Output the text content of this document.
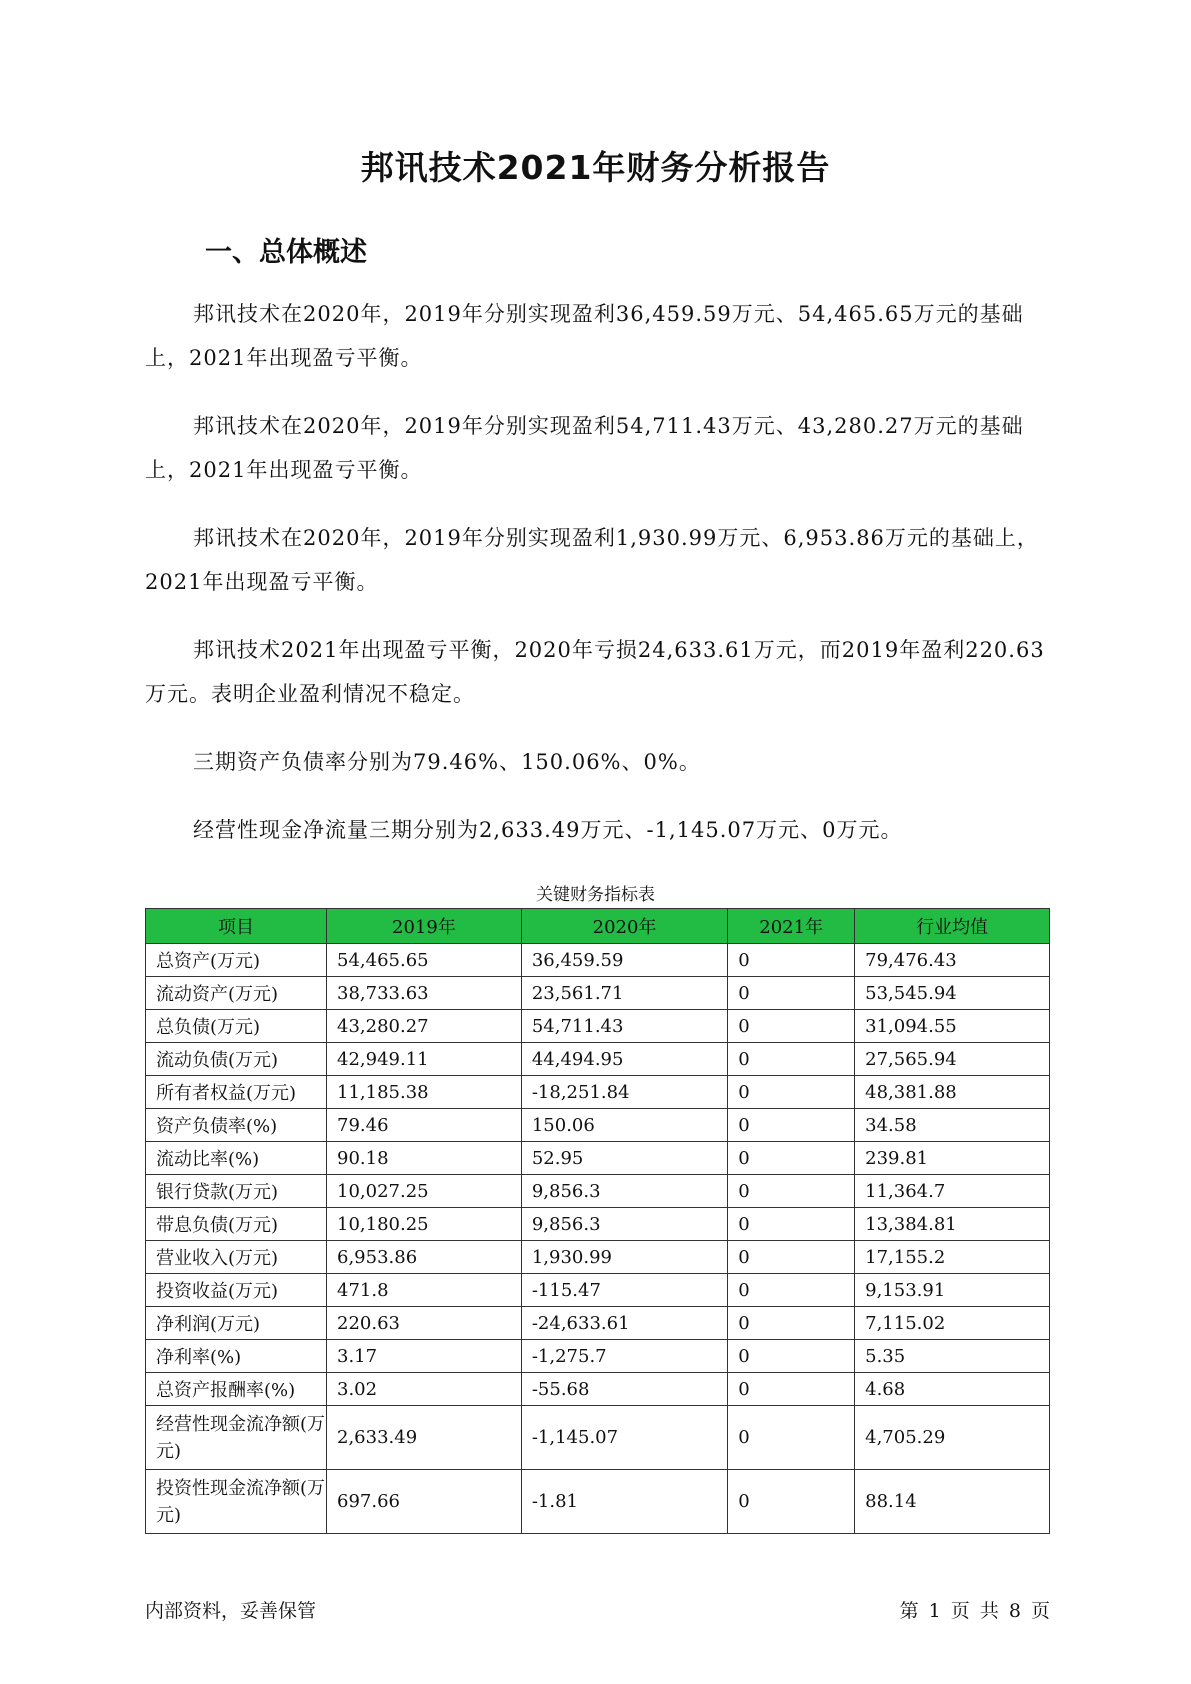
邦讯技术2021年财务分析报告
一、总体概述
邦讯技术在2020年，2019年分别实现盈利36,459.59万元、54,465.65万元的基础上，2021年出现盈亏平衡。
邦讯技术在2020年，2019年分别实现盈利54,711.43万元、43,280.27万元的基础上，2021年出现盈亏平衡。
邦讯技术在2020年，2019年分别实现盈利1,930.99万元、6,953.86万元的基础上，2021年出现盈亏平衡。
邦讯技术2021年出现盈亏平衡，2020年亏损24,633.61万元，而2019年盈利220.63万元。表明企业盈利情况不稳定。
三期资产负债率分别为79.46%、150.06%、0%。
经营性现金净流量三期分别为2,633.49万元、-1,145.07万元、0万元。
关键财务指标表
项目	2019年	2020年	2021年	行业均值
总资产(万元)	54,465.65	36,459.59	0	79,476.43
流动资产(万元)	38,733.63	23,561.71	0	53,545.94
总负债(万元)	43,280.27	54,711.43	0	31,094.55
流动负债(万元)	42,949.11	44,494.95	0	27,565.94
所有者权益(万元)	11,185.38	-18,251.84	0	48,381.88
资产负债率(%)	79.46	150.06	0	34.58
流动比率(%)	90.18	52.95	0	239.81
银行贷款(万元)	10,027.25	9,856.3	0	11,364.7
带息负债(万元)	10,180.25	9,856.3	0	13,384.81
营业收入(万元)	6,953.86	1,930.99	0	17,155.2
投资收益(万元)	471.8	-115.47	0	9,153.91
净利润(万元)	220.63	-24,633.61	0	7,115.02
净利率(%)	3.17	-1,275.7	0	5.35
总资产报酬率(%)	3.02	-55.68	0	4.68
经营性现金流净额(万元)	2,633.49	-1,145.07	0	4,705.29
投资性现金流净额(万元)	697.66	-1.81	0	88.14
内部资料，妥善保管	第 1 页 共 8 页
